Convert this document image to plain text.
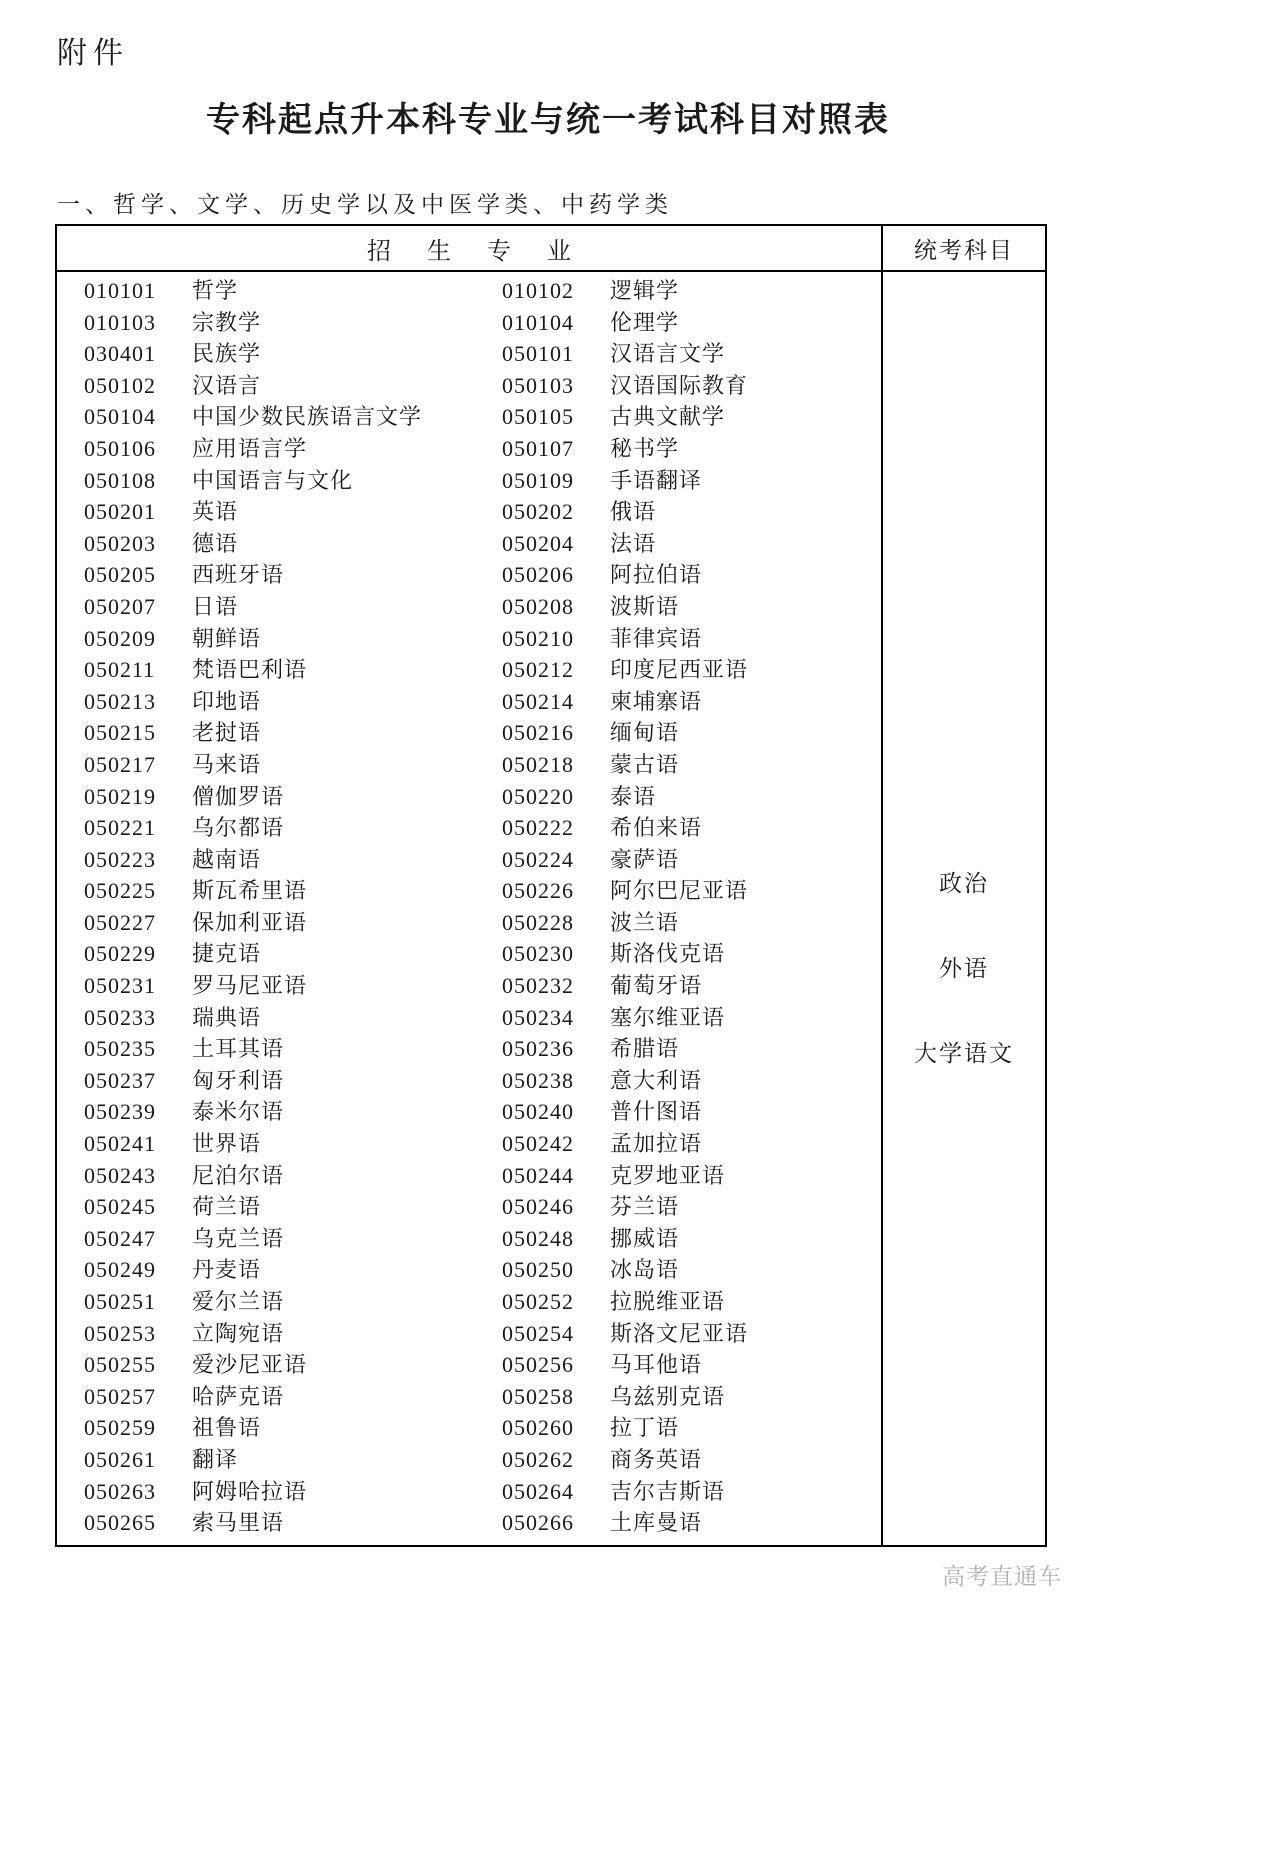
附件
专科起点升本科专业与统一考试科目对照表
一、哲学、文学、历史学以及中医学类、中药学类
招      生      专      业	统考科目

010101	哲学	010102	逻辑学
010103	宗教学	010104	伦理学
030401	民族学	050101	汉语言文学
050102	汉语言	050103	汉语国际教育
050104	中国少数民族语言文学	050105	古典文献学
050106	应用语言学	050107	秘书学
050108	中国语言与文化	050109	手语翻译
050201	英语	050202	俄语
050203	德语	050204	法语
050205	西班牙语	050206	阿拉伯语
050207	日语	050208	波斯语
050209	朝鲜语	050210	菲律宾语
050211	梵语巴利语	050212	印度尼西亚语
050213	印地语	050214	柬埔寨语
050215	老挝语	050216	缅甸语
050217	马来语	050218	蒙古语
050219	僧伽罗语	050220	泰语
050221	乌尔都语	050222	希伯来语
050223	越南语	050224	豪萨语
050225	斯瓦希里语	050226	阿尔巴尼亚语
050227	保加利亚语	050228	波兰语
050229	捷克语	050230	斯洛伐克语
050231	罗马尼亚语	050232	葡萄牙语
050233	瑞典语	050234	塞尔维亚语
050235	土耳其语	050236	希腊语
050237	匈牙利语	050238	意大利语
050239	泰米尔语	050240	普什图语
050241	世界语	050242	孟加拉语
050243	尼泊尔语	050244	克罗地亚语
050245	荷兰语	050246	芬兰语
050247	乌克兰语	050248	挪威语
050249	丹麦语	050250	冰岛语
050251	爱尔兰语	050252	拉脱维亚语
050253	立陶宛语	050254	斯洛文尼亚语
050255	爱沙尼亚语	050256	马耳他语
050257	哈萨克语	050258	乌兹别克语
050259	祖鲁语	050260	拉丁语
050261	翻译	050262	商务英语
050263	阿姆哈拉语	050264	吉尔吉斯语
050265	索马里语	050266	土库曼语

政治
外语
大学语文
高考直通车
